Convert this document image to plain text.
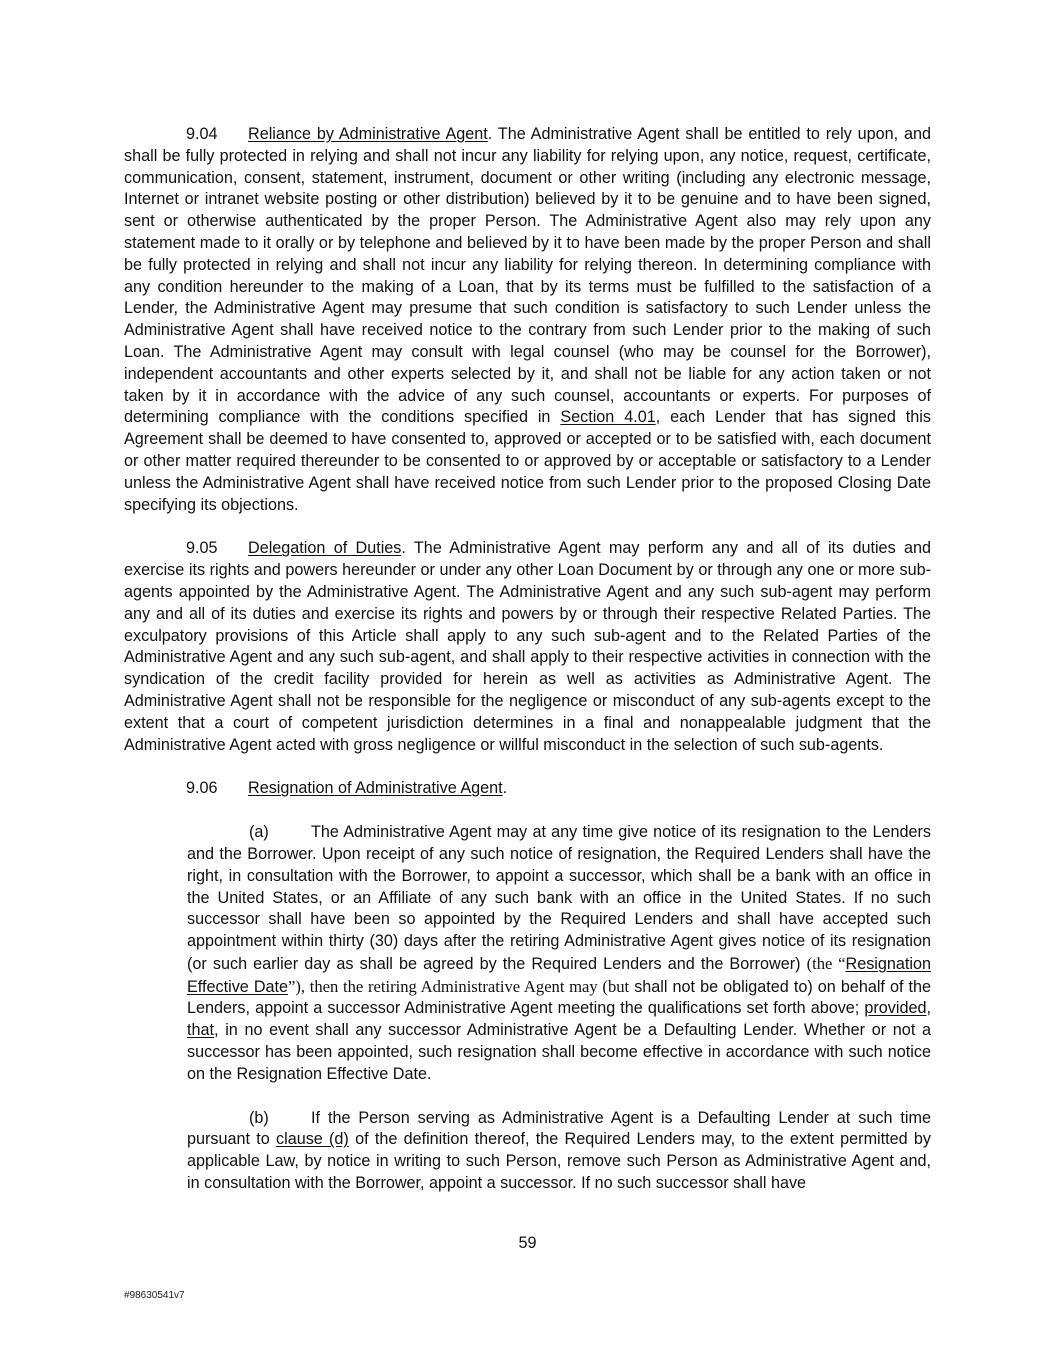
9.04 Reliance by Administrative Agent. The Administrative Agent shall be entitled to rely upon, and shall be fully protected in relying and shall not incur any liability for relying upon, any notice, request, certificate, communication, consent, statement, instrument, document or other writing (including any electronic message, Internet or intranet website posting or other distribution) believed by it to be genuine and to have been signed, sent or otherwise authenticated by the proper Person. The Administrative Agent also may rely upon any statement made to it orally or by telephone and believed by it to have been made by the proper Person and shall be fully protected in relying and shall not incur any liability for relying thereon. In determining compliance with any condition hereunder to the making of a Loan, that by its terms must be fulfilled to the satisfaction of a Lender, the Administrative Agent may presume that such condition is satisfactory to such Lender unless the Administrative Agent shall have received notice to the contrary from such Lender prior to the making of such Loan. The Administrative Agent may consult with legal counsel (who may be counsel for the Borrower), independent accountants and other experts selected by it, and shall not be liable for any action taken or not taken by it in accordance with the advice of any such counsel, accountants or experts. For purposes of determining compliance with the conditions specified in Section 4.01, each Lender that has signed this Agreement shall be deemed to have consented to, approved or accepted or to be satisfied with, each document or other matter required thereunder to be consented to or approved by or acceptable or satisfactory to a Lender unless the Administrative Agent shall have received notice from such Lender prior to the proposed Closing Date specifying its objections.

9.05 Delegation of Duties. The Administrative Agent may perform any and all of its duties and exercise its rights and powers hereunder or under any other Loan Document by or through any one or more sub-agents appointed by the Administrative Agent. The Administrative Agent and any such sub-agent may perform any and all of its duties and exercise its rights and powers by or through their respective Related Parties. The exculpatory provisions of this Article shall apply to any such sub-agent and to the Related Parties of the Administrative Agent and any such sub-agent, and shall apply to their respective activities in connection with the syndication of the credit facility provided for herein as well as activities as Administrative Agent. The Administrative Agent shall not be responsible for the negligence or misconduct of any sub-agents except to the extent that a court of competent jurisdiction determines in a final and nonappealable judgment that the Administrative Agent acted with gross negligence or willful misconduct in the selection of such sub-agents.

9.06 Resignation of Administrative Agent.

(a)	The Administrative Agent may at any time give notice of its resignation to the Lenders and the Borrower. Upon receipt of any such notice of resignation, the Required Lenders shall have the right, in consultation with the Borrower, to appoint a successor, which shall be a bank with an office in the United States, or an Affiliate of any such bank with an office in the United States. If no such successor shall have been so appointed by the Required Lenders and shall have accepted such appointment within thirty (30) days after the retiring Administrative Agent gives notice of its resignation (or such earlier day as shall be agreed by the Required Lenders and the Borrower) (the “Resignation Effective Date”), then the retiring Administrative Agent may (but shall not be obligated to) on behalf of the Lenders, appoint a successor Administrative Agent meeting the qualifications set forth above; provided, that, in no event shall any successor Administrative Agent be a Defaulting Lender. Whether or not a successor has been appointed, such resignation shall become effective in accordance with such notice on the Resignation Effective Date.

(b)	If the Person serving as Administrative Agent is a Defaulting Lender at such time pursuant to clause (d) of the definition thereof, the Required Lenders may, to the extent permitted by applicable Law, by notice in writing to such Person, remove such Person as Administrative Agent and, in consultation with the Borrower, appoint a successor. If no such successor shall have

59
#98630541v7
